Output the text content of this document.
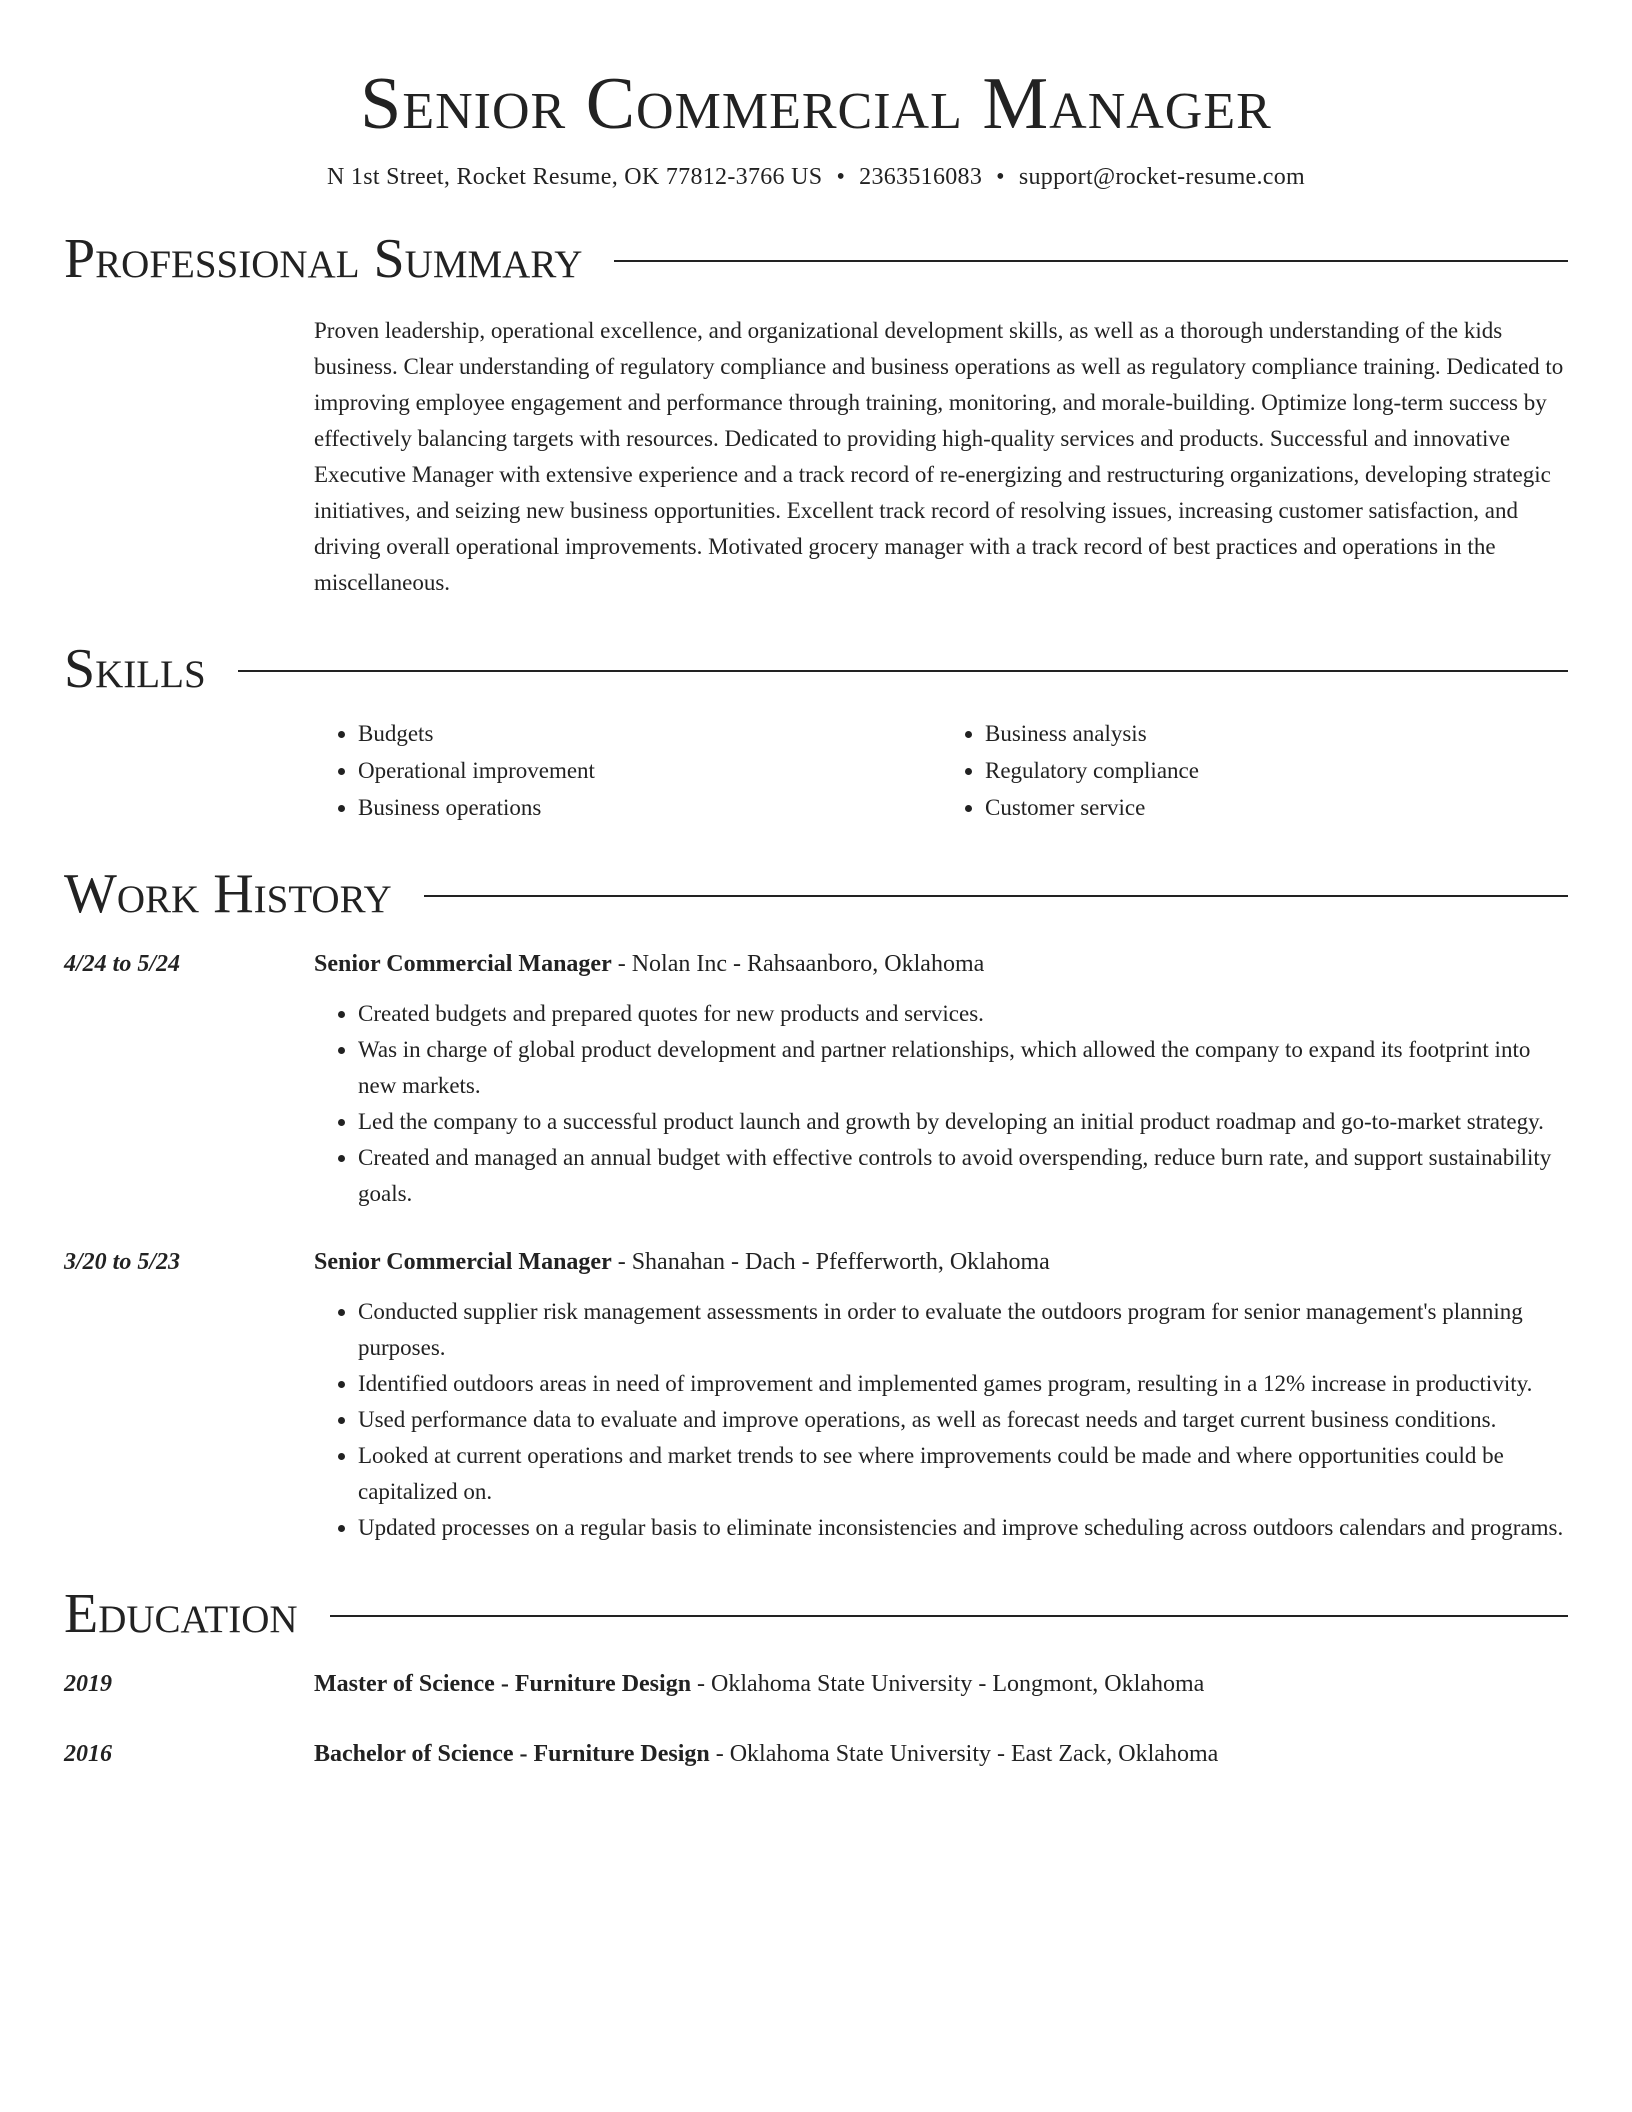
Senior Commercial Manager
N 1st Street, Rocket Resume, OK 77812-3766 US • 2363516083 • support@rocket-resume.com
Professional Summary
Proven leadership, operational excellence, and organizational development skills, as well as a thorough understanding of the kids business. Clear understanding of regulatory compliance and business operations as well as regulatory compliance training. Dedicated to improving employee engagement and performance through training, monitoring, and morale-building. Optimize long-term success by effectively balancing targets with resources. Dedicated to providing high-quality services and products. Successful and innovative Executive Manager with extensive experience and a track record of re-energizing and restructuring organizations, developing strategic initiatives, and seizing new business opportunities. Excellent track record of resolving issues, increasing customer satisfaction, and driving overall operational improvements. Motivated grocery manager with a track record of best practices and operations in the miscellaneous.
Skills
• Budgets
• Operational improvement
• Business operations
• Business analysis
• Regulatory compliance
• Customer service
Work History
4/24 to 5/24	Senior Commercial Manager - Nolan Inc - Rahsaanboro, Oklahoma
• Created budgets and prepared quotes for new products and services.
• Was in charge of global product development and partner relationships, which allowed the company to expand its footprint into new markets.
• Led the company to a successful product launch and growth by developing an initial product roadmap and go-to-market strategy.
• Created and managed an annual budget with effective controls to avoid overspending, reduce burn rate, and support sustainability goals.
3/20 to 5/23	Senior Commercial Manager - Shanahan - Dach - Pfefferworth, Oklahoma
• Conducted supplier risk management assessments in order to evaluate the outdoors program for senior management's planning purposes.
• Identified outdoors areas in need of improvement and implemented games program, resulting in a 12% increase in productivity.
• Used performance data to evaluate and improve operations, as well as forecast needs and target current business conditions.
• Looked at current operations and market trends to see where improvements could be made and where opportunities could be capitalized on.
• Updated processes on a regular basis to eliminate inconsistencies and improve scheduling across outdoors calendars and programs.
Education
2019	Master of Science - Furniture Design - Oklahoma State University - Longmont, Oklahoma
2016	Bachelor of Science - Furniture Design - Oklahoma State University - East Zack, Oklahoma
